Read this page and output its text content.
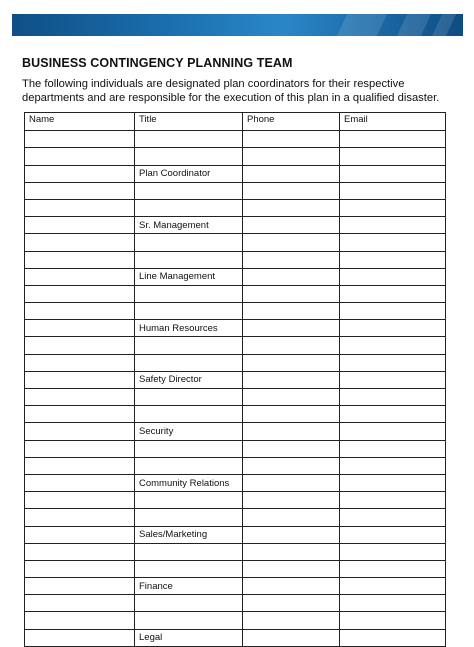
BUSINESS CONTINGENCY PLANNING TEAM
The following individuals are designated plan coordinators for their respective departments and are responsible for the execution of this plan in a qualified disaster.
Name	Title	Phone	Email

	Plan Coordinator		

	Sr. Management		

	Line Management		

	Human Resources		

	Safety Director		

	Security		

	Community Relations		

	Sales/Marketing		

	Finance		

	Legal		
